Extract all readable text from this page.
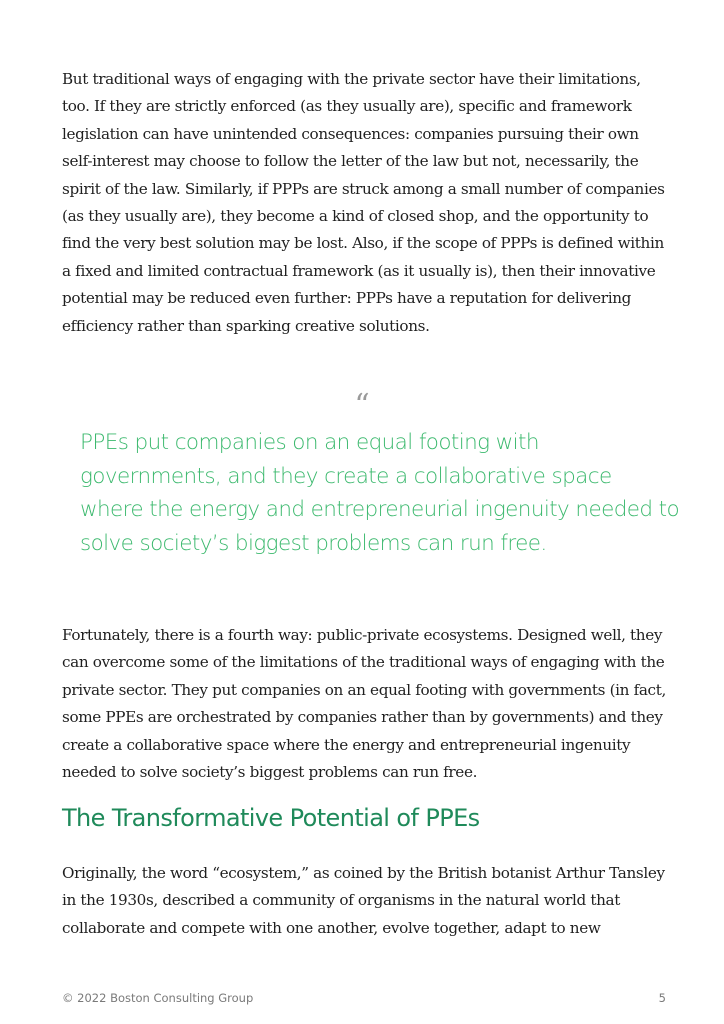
But traditional ways of engaging with the private sector have their limitations, too. If they are strictly enforced (as they usually are), specific and framework legislation can have unintended consequences: companies pursuing their own self-interest may choose to follow the letter of the law but not, necessarily, the spirit of the law. Similarly, if PPPs are struck among a small number of companies (as they usually are), they become a kind of closed shop, and the opportunity to find the very best solution may be lost. Also, if the scope of PPPs is defined within a fixed and limited contractual framework (as it usually is), then their innovative potential may be reduced even further: PPPs have a reputation for delivering efficiency rather than sparking creative solutions.

“

PPEs put companies on an equal footing with governments, and they create a collaborative space where the energy and entrepreneurial ingenuity needed to solve society’s biggest problems can run free.

Fortunately, there is a fourth way: public-private ecosystems. Designed well, they can overcome some of the limitations of the traditional ways of engaging with the private sector. They put companies on an equal footing with governments (in fact, some PPEs are orchestrated by companies rather than by governments) and they create a collaborative space where the energy and entrepreneurial ingenuity needed to solve society’s biggest problems can run free.

The Transformative Potential of PPEs

Originally, the word “ecosystem,” as coined by the British botanist Arthur Tansley in the 1930s, described a community of organisms in the natural world that collaborate and compete with one another, evolve together, adapt to new

© 2022 Boston Consulting Group	5
